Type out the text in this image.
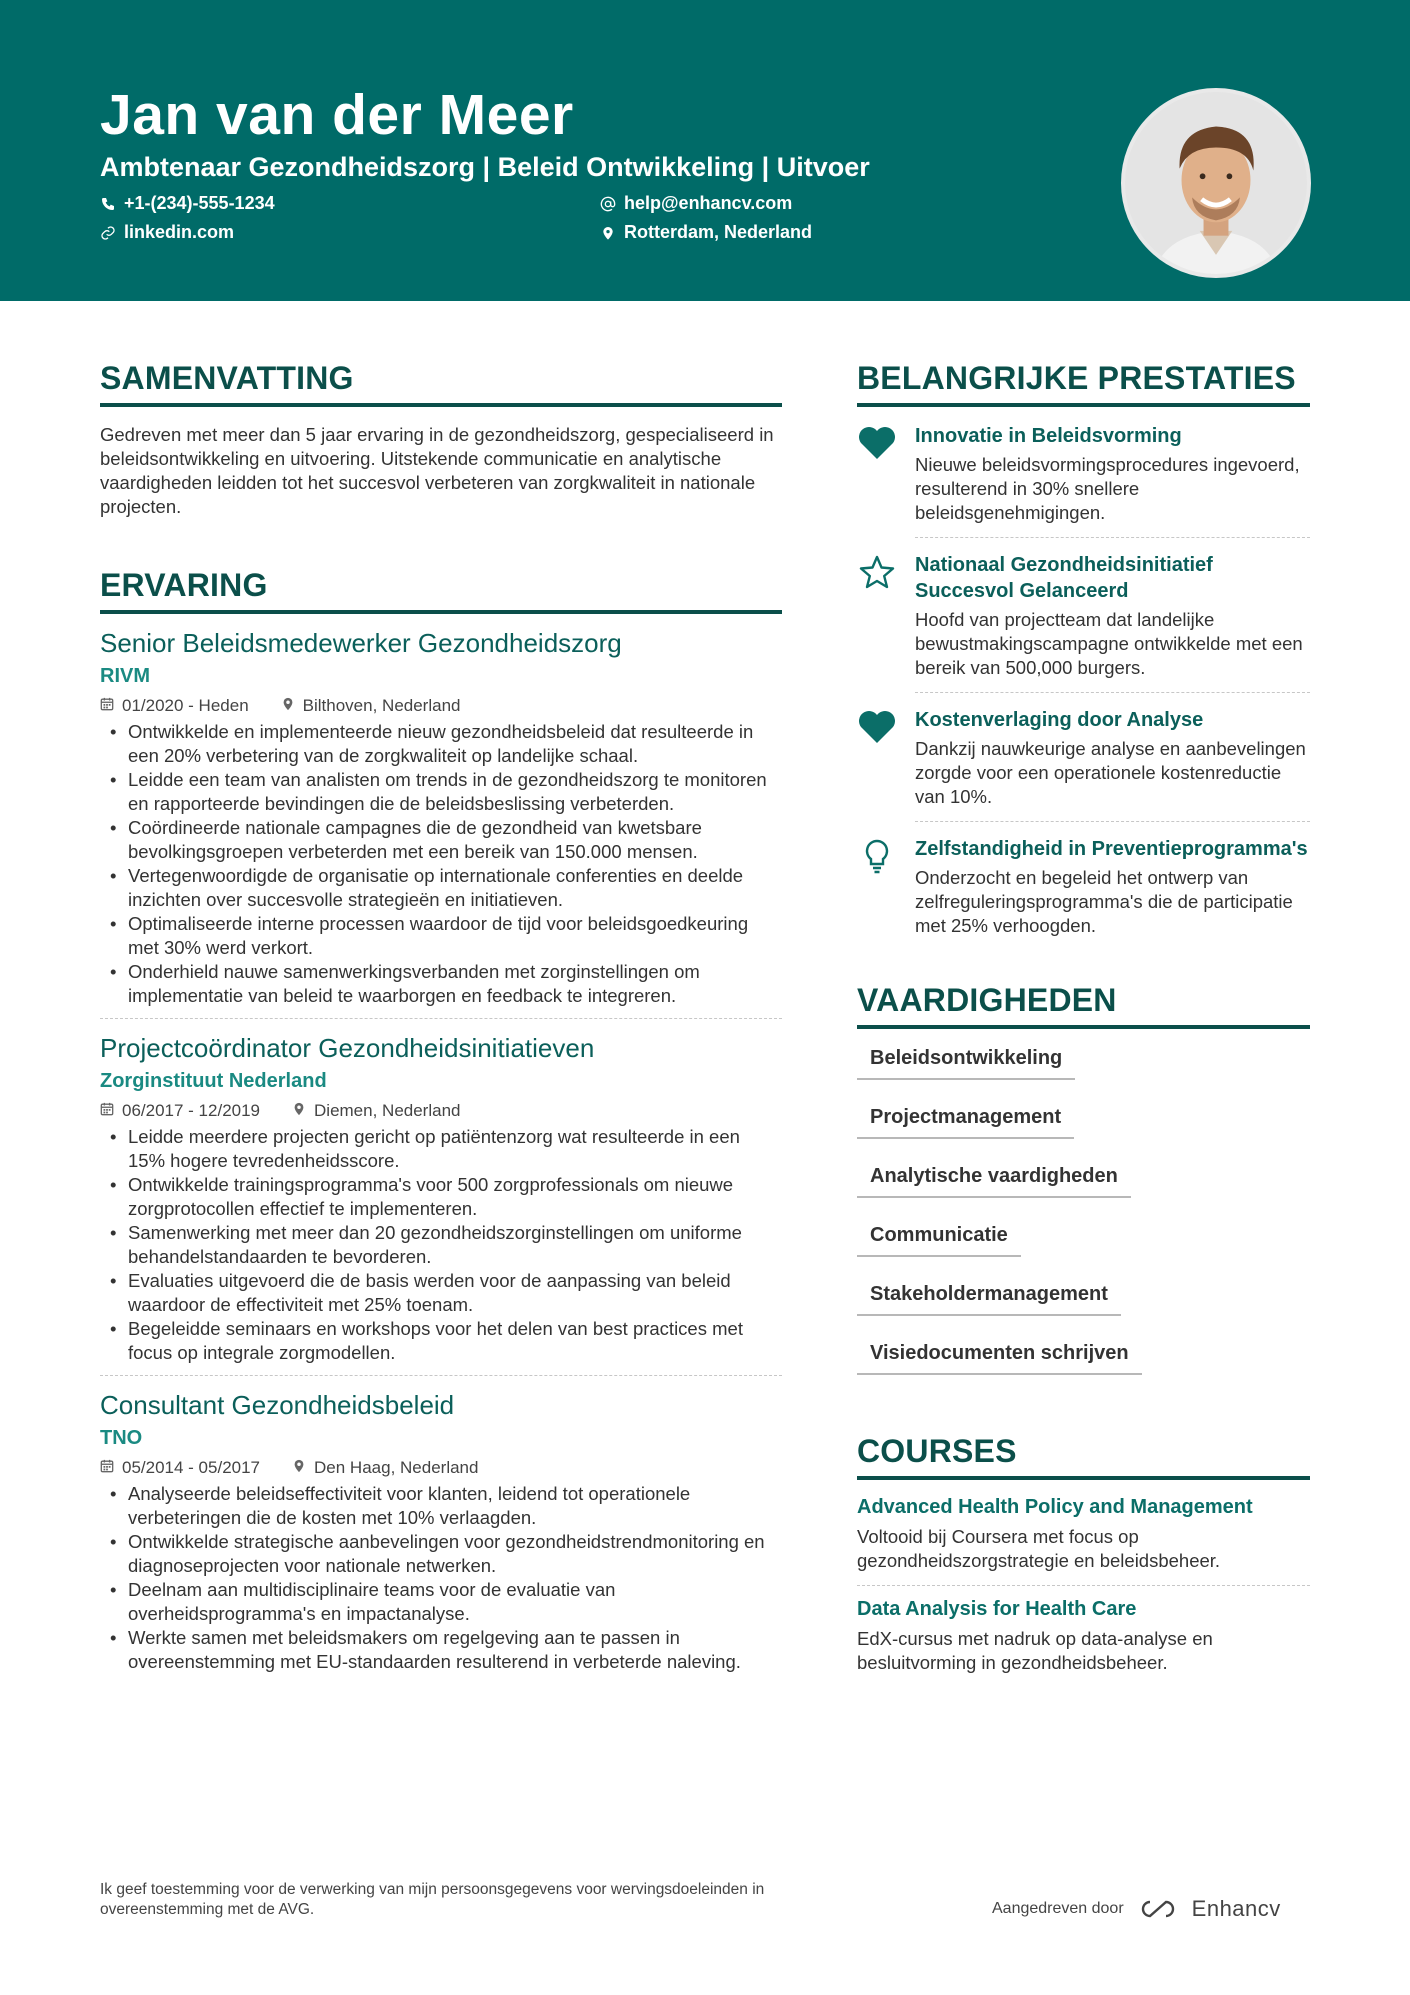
Jan van der Meer
Ambtenaar Gezondheidszorg | Beleid Ontwikkeling | Uitvoer
+1-(234)-555-1234
linkedin.com
help@enhancv.com
Rotterdam, Nederland
SAMENVATTING

Gedreven met meer dan 5 jaar ervaring in de gezondheidszorg, gespecialiseerd in beleidsontwikkeling en uitvoering. Uitstekende communicatie en analytische vaardigheden leidden tot het succesvol verbeteren van zorgkwaliteit in nationale projecten.

ERVARING
Senior Beleidsmedewerker Gezondheidszorg
RIVM
01/2020 - Heden	Bilthoven, Nederland
• Ontwikkelde en implementeerde nieuw gezondheidsbeleid dat resulteerde in een 20% verbetering van de zorgkwaliteit op landelijke schaal.
• Leidde een team van analisten om trends in de gezondheidszorg te monitoren en rapporteerde bevindingen die de beleidsbeslissing verbeterden.
• Coördineerde nationale campagnes die de gezondheid van kwetsbare bevolkingsgroepen verbeterden met een bereik van 150.000 mensen.
• Vertegenwoordigde de organisatie op internationale conferenties en deelde inzichten over succesvolle strategieën en initiatieven.
• Optimaliseerde interne processen waardoor de tijd voor beleidsgoedkeuring met 30% werd verkort.
• Onderhield nauwe samenwerkingsverbanden met zorginstellingen om implementatie van beleid te waarborgen en feedback te integreren.
Projectcoördinator Gezondheidsinitiatieven
Zorginstituut Nederland
06/2017 - 12/2019	Diemen, Nederland
• Leidde meerdere projecten gericht op patiëntenzorg wat resulteerde in een 15% hogere tevredenheidsscore.
• Ontwikkelde trainingsprogramma's voor 500 zorgprofessionals om nieuwe zorgprotocollen effectief te implementeren.
• Samenwerking met meer dan 20 gezondheidszorginstellingen om uniforme behandelstandaarden te bevorderen.
• Evaluaties uitgevoerd die de basis werden voor de aanpassing van beleid waardoor de effectiviteit met 25% toenam.
• Begeleidde seminaars en workshops voor het delen van best practices met focus op integrale zorgmodellen.
Consultant Gezondheidsbeleid
TNO
05/2014 - 05/2017	Den Haag, Nederland
• Analyseerde beleidseffectiviteit voor klanten, leidend tot operationele verbeteringen die de kosten met 10% verlaagden.
• Ontwikkelde strategische aanbevelingen voor gezondheidstrendmonitoring en diagnoseprojecten voor nationale netwerken.
• Deelnam aan multidisciplinaire teams voor de evaluatie van overheidsprogramma's en impactanalyse.
• Werkte samen met beleidsmakers om regelgeving aan te passen in overeenstemming met EU-standaarden resulterend in verbeterde naleving.
BELANGRIJKE PRESTATIES
Innovatie in Beleidsvorming
Nieuwe beleidsvormingsprocedures ingevoerd, resulterend in 30% snellere beleidsgenehmigingen.
Nationaal Gezondheidsinitiatief Succesvol Gelanceerd
Hoofd van projectteam dat landelijke bewustmakingscampagne ontwikkelde met een bereik van 500,000 burgers.
Kostenverlaging door Analyse
Dankzij nauwkeurige analyse en aanbevelingen zorgde voor een operationele kostenreductie van 10%.
Zelfstandigheid in Preventieprogramma's
Onderzocht en begeleid het ontwerp van zelfreguleringsprogramma's die de participatie met 25% verhoogden.
VAARDIGHEDEN
Beleidsontwikkeling
Projectmanagement
Analytische vaardigheden
Communicatie
Stakeholdermanagement
Visiedocumenten schrijven
COURSES
Advanced Health Policy and Management
Voltooid bij Coursera met focus op gezondheidszorgstrategie en beleidsbeheer.
Data Analysis for Health Care
EdX-cursus met nadruk op data-analyse en besluitvorming in gezondheidsbeheer.
Ik geef toestemming voor de verwerking van mijn persoonsgegevens voor wervingsdoeleinden in overeenstemming met de AVG.	Aangedreven door	Enhancv
